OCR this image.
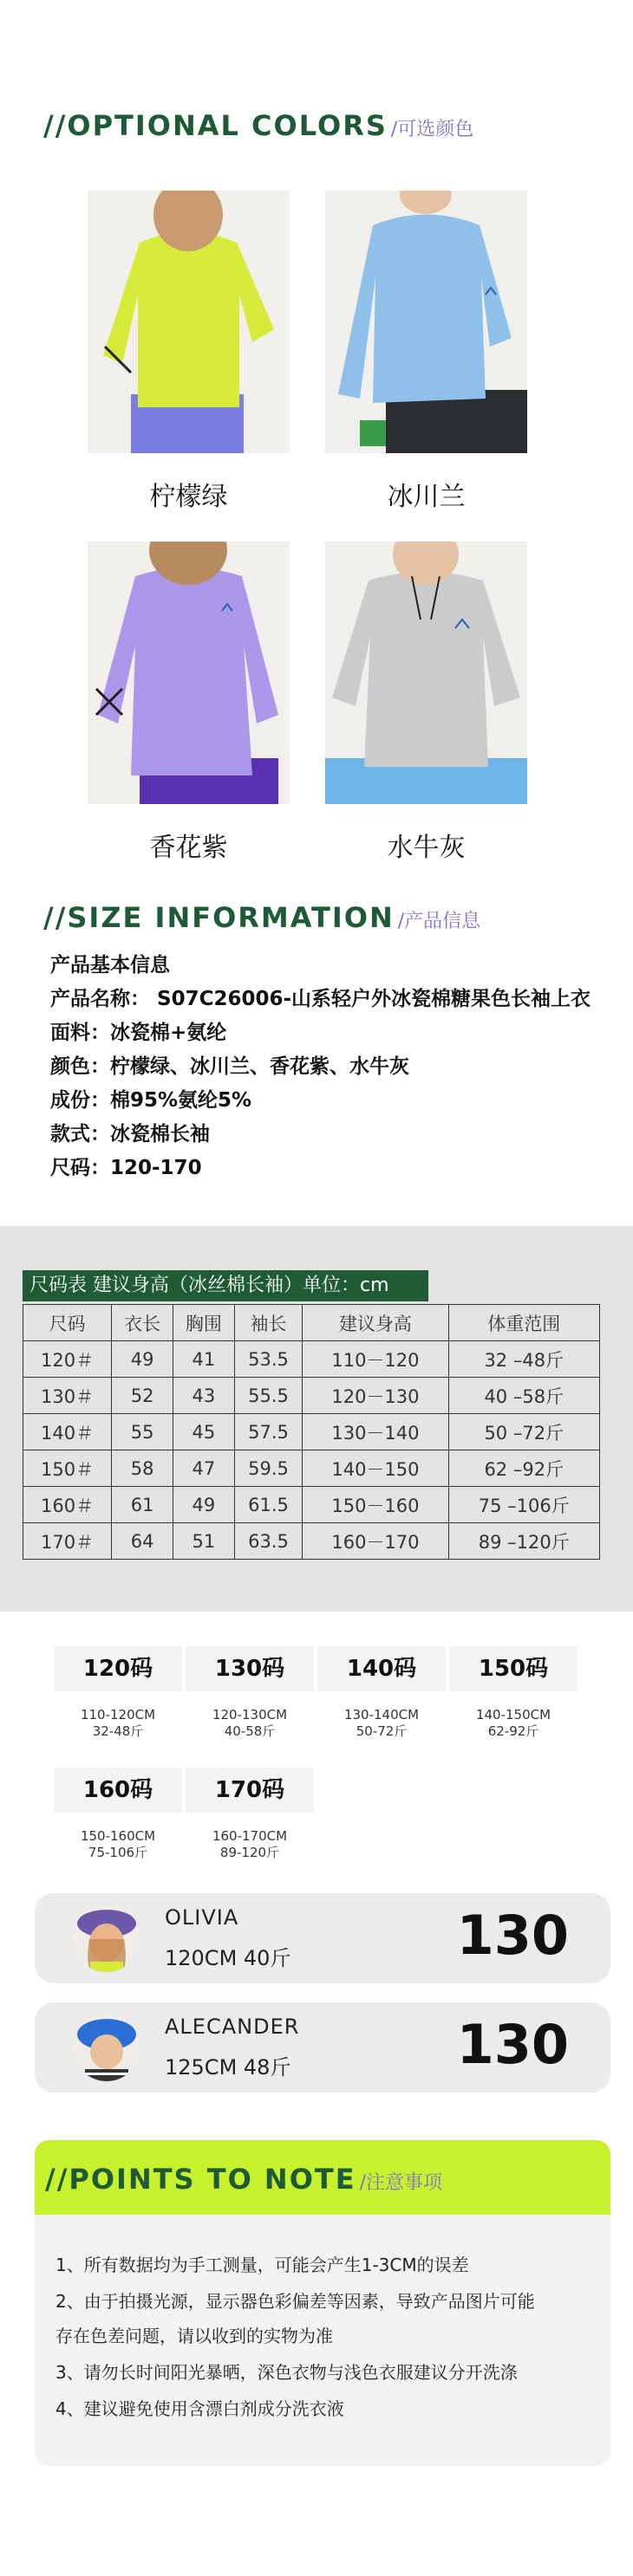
//OPTIONAL COLORS /可选颜色
柠檬绿	冰川兰
香花紫	水牛灰
//SIZE INFORMATION /产品信息
产品基本信息
产品名称： S07C26006-山系轻户外冰瓷棉糖果色长袖上衣
面料：冰瓷棉+氨纶
颜色：柠檬绿、冰川兰、香花紫、水牛灰
成份：棉95%氨纶5%
款式：冰瓷棉长袖
尺码：120-170
尺码表 建议身高（冰丝棉长袖）单位：cm
尺码	衣长	胸围	袖长	建议身高	体重范围
120＃	49	41	53.5	110－120	32 –48斤
130＃	52	43	55.5	120－130	40 –58斤
140＃	55	45	57.5	130－140	50 –72斤
150＃	58	47	59.5	140－150	62 –92斤
160＃	61	49	61.5	150－160	75 –106斤
170＃	64	51	63.5	160－170	89 –120斤
120码
110-120CM
32-48斤
130码
120-130CM
40-58斤
140码
130-140CM
50-72斤
150码
140-150CM
62-92斤
160码
150-160CM
75-106斤
170码
160-170CM
89-120斤
OLIVIA
120CM 40斤	130
ALECANDER
125CM 48斤	130
//POINTS TO NOTE /注意事项
1、所有数据均为手工测量，可能会产生1-3CM的误差
2、由于拍摄光源，显示器色彩偏差等因素，导致产品图片可能
存在色差问题，请以收到的实物为准
3、请勿长时间阳光暴晒，深色衣物与浅色衣服建议分开洗涤
4、建议避免使用含漂白剂成分洗衣液
